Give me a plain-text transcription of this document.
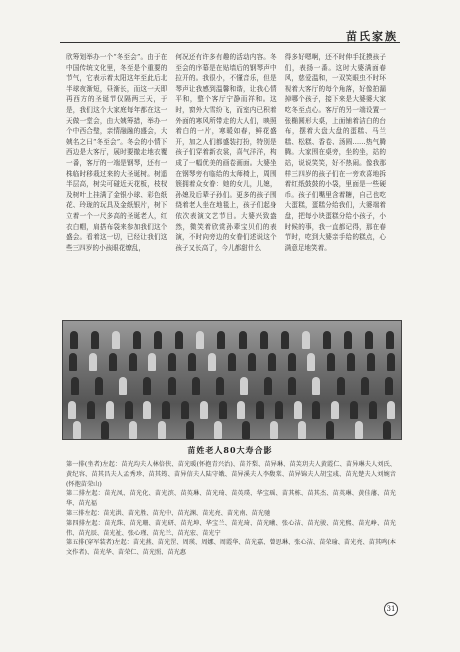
苗氏家族
欣筹划举办一个“冬至会”。由于在中国传统文化里，冬至是个重要的节气，它表示着太阳这年至此后北半球夜渐短，昼渐长，而这一天即再西方的圣诞节仅隔两三天，于是，我们这个大家庭每年都在这一天做一堂会，由大姨筹措，举办一个中西合璧，亲情融融的盛会，大姨名之曰“冬至会”。冬会的小情下西边是大客厅，展时要撤走地衣覆一番，客厅的一端是钢琴，还有一株临时移栽过来的大圣诞树。树遥半层高，树尖可碰近天花板，枝杈及树叶上挂满了金银小球、彩色纸花、玲珑的玩具及金纸银片，树下立着一个一尺多高的圣诞老人，红衣白帽，肩搭布袋来参加我们这个盛会。看着这一切，已经让我们这些三四岁的小孩眼花缭乱，
何况还有许多有趣的活动内容。冬至会的序幕是在贴墙后的钢琴声中拉开的。我很小，不懂音乐，但是琴声让我感到温馨和谐，让我心情平和，整个客厅宁静而祥和。这时，窗外大雪纷飞，而室内已积着外面的寒风所带走的大人们，映照着白的一片，寒暖如春，鲜花盛开，加之人们都盛装打扮，特别是孩子们穿着新衣裳，喜气洋洋，构成了一幅优美的画卷画面。大婆坐在钢琴旁有临给的太师椅上，周围簇拥着众女眷：她的女儿，儿媳，孙媳及后辈子孙们。更多的孩子围绕着老人坐在地毯上，孩子们起身依次表演文艺节目。大婆兴致盎然，微笑着欣赏孙辈宝贝们的表演，不时向旁边的女眷们述说这个孩子又长高了，今儿都甜什么
得多好嗯啊，还不时伸手抚摸孩子们，表扬一番。这时大婆满面春风，慈爱温和，一双笑眼虫不时环视着大客厅的每个角落，好像拍漏掉哪个孩子，接下来是大婆婆大家吃冬至点心。客厅的另一端设置一张椭圆形大桌，上面铺着洁白的台布，摆着大盘大盘的蛋糕、马兰糕、松糕、香卷、汤圆……热气腾腾。大家围在桌旁，坐的坐，站的站，说说笑笑，好不热闹。像我那样三四岁的孩子们在一旁欢喜地拆着红纸鼓鼓的小袋，里面是一些硬币。孩子们嘴里含着糖，自己也吃大蛋糕，蛋糕分给我们，大婆端着盘，把每小块蛋糕分给小孩子，小时候的事，我一直都记得，那在春节时，吃到大婆亲手给的糕点，心满意足地笑着。
苗姓老人80大寿合影
第一排(坐者)左起：苗光均夫人林倍侠、苗光暖(怀抱青兴治)、苗芥梨、苗异琳、苗芙玥夫人黄霞仁、苗异琳夫人刘氏、黄纪容、苗其昌夫人孟秀珍、苗其筠、苗异信夫人陆守娥、苗异溪夫人李馥棠、苗异锦夫人胡宝彧、苗光楚夫人刘婉音(怀抱苗荣山)
第二排左起：苗光凤、苗光化、苗光滨、苗英琳、苗光琦、苗英璞、华宝瑶、苗其栋、苗其杰、苗英琳、黄佳藩、苗光华、苗光福
第三排左起：苗光洪、苗光胜、苗光中、苗光渊、苗光亮、苗光南、苗光驰
第四排左起：苗光珠、苗光珊、苗光研、苗光坤、华宝兰、苗光琦、苗光曦、张心洁、苗光骏、苗光熙、苗光峥、苗光伟、苗光辰、苗光祉、张心瑾、苗光兰、苗光宏、苗光宁
第五排(穿军装者)左起：苗光燕、苗光罡、周瑛、周娜、周霞华、苗光嘉、曾思琳、张心洁、苗荣瑜、苗光亮、苗其鸣(本文作者)、苗光华、苗荣仁、苗光照、苗光惠
31
